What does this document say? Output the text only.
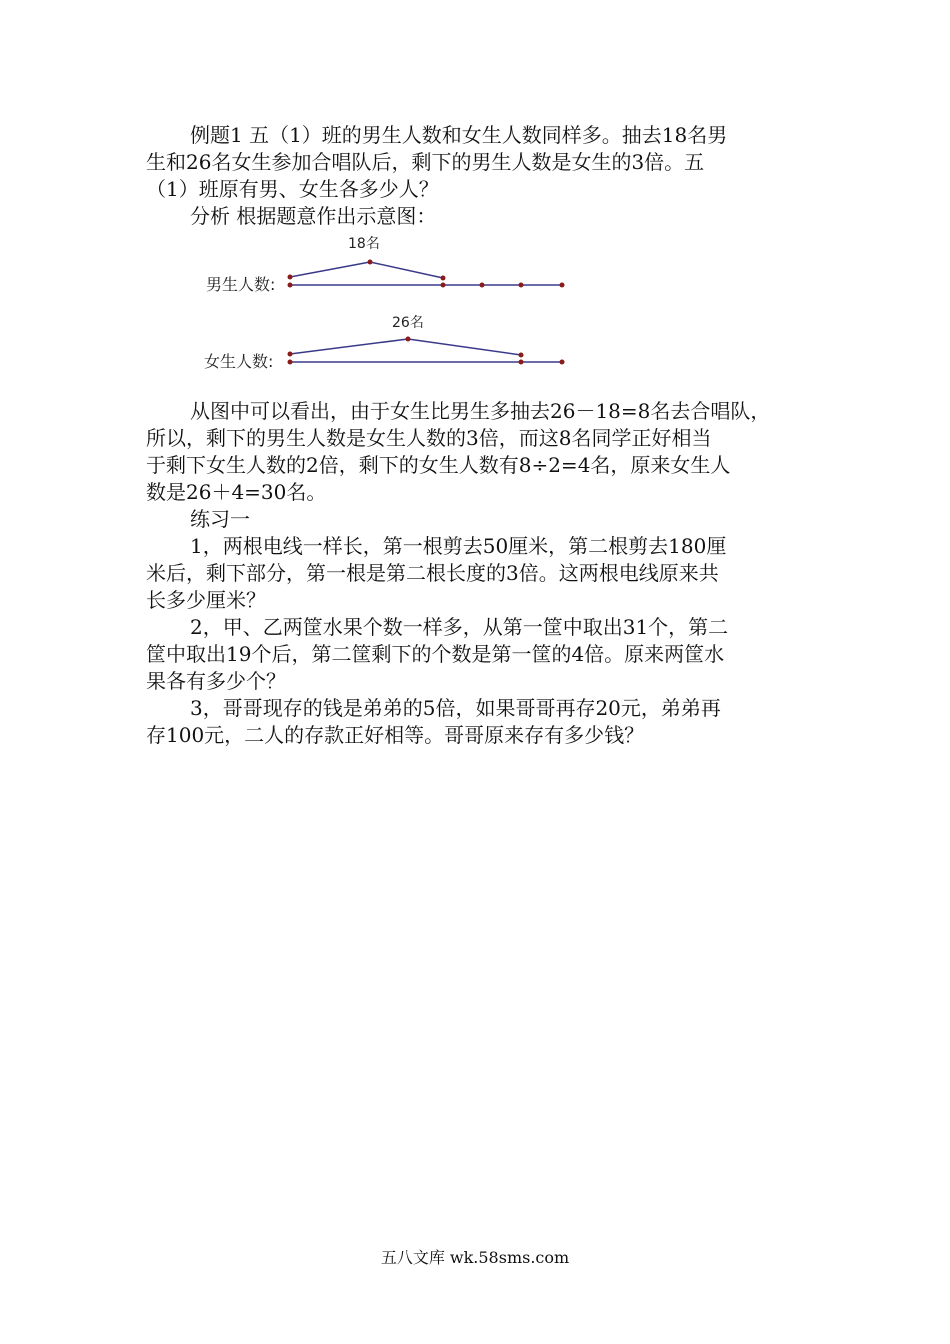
例题1 五（1）班的男生人数和女生人数同样多。抽去18名男

生和26名女生参加合唱队后，剩下的男生人数是女生的3倍。五

（1）班原有男、女生各多少人？

分析 根据题意作出示意图：

18名
男生人数:
26名
女生人数:

从图中可以看出，由于女生比男生多抽去26－18=8名去合唱队，

所以，剩下的男生人数是女生人数的3倍，而这8名同学正好相当

于剩下女生人数的2倍，剩下的女生人数有8÷2=4名，原来女生人

数是26＋4=30名。

练习一

1，两根电线一样长，第一根剪去50厘米，第二根剪去180厘

米后，剩下部分，第一根是第二根长度的3倍。这两根电线原来共

长多少厘米？

2，甲、乙两筐水果个数一样多，从第一筐中取出31个，第二

筐中取出19个后，第二筐剩下的个数是第一筐的4倍。原来两筐水

果各有多少个？

3，哥哥现存的钱是弟弟的5倍，如果哥哥再存20元，弟弟再

存100元，二人的存款正好相等。哥哥原来存有多少钱？

五八文库 wk.58sms.com
